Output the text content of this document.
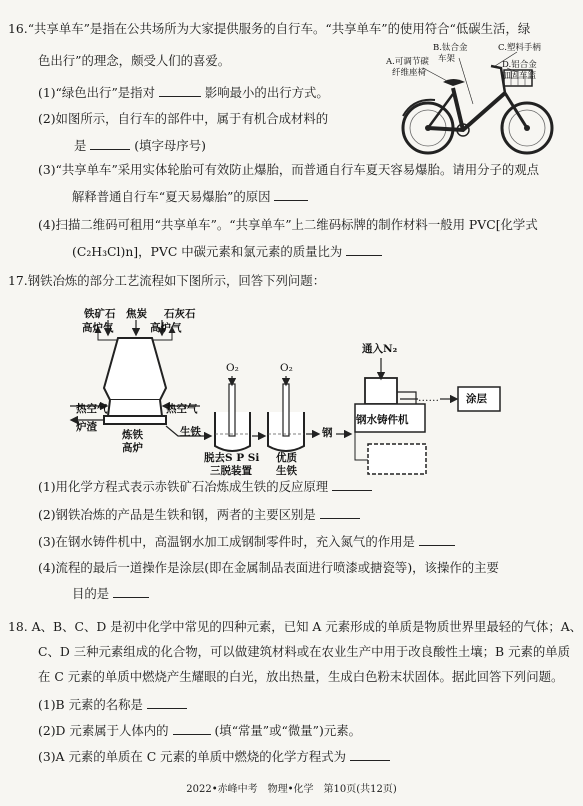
16.“共享单车”是指在公共场所为大家提供服务的自行车。“共享单车”的使用符合“低碳生活，绿
色出行”的理念，颇受人们的喜爱。
(1)“绿色出行”是指对	影响最小的出行方式。
(2)如图所示，自行车的部件中，属于有机合成材料的
是	(填字母序号)
A.可调节碳
纤维座椅
B.钛合金
车架
C.塑料手柄
D.铝合金
加固车篮
(3)“共享单车”采用实体轮胎可有效防止爆胎，而普通自行车夏天容易爆胎。请用分子的观点
解释普通自行车“夏天易爆胎”的原因
(4)扫描二维码可租用“共享单车”。“共享单车”上二维码标牌的制作材料一般用 PVC[化学式
(C₂H₃Cl)n]，PVC 中碳元素和氯元素的质量比为
17.钢铁冶炼的部分工艺流程如下图所示，回答下列问题：
铁矿石 焦炭 石灰石
高炉气	高炉气
热空气	热空气
炉渣
炼铁
高炉
生铁
O₂	O₂
脱去S P Si
三脱装置
优质
生铁
钢
通入N₂
钢水铸件机
……	涂层
(1)用化学方程式表示赤铁矿石冶炼成生铁的反应原理
(2)钢铁冶炼的产品是生铁和钢，两者的主要区别是
(3)在钢水铸件机中，高温钢水加工成钢制零件时，充入氮气的作用是
(4)流程的最后一道操作是涂层(即在金属制品表面进行喷漆或搪瓷等)，该操作的主要
目的是
18. A、B、C、D 是初中化学中常见的四种元素，已知 A 元素形成的单质是物质世界里最轻的气体；A、
C、D 三种元素组成的化合物，可以做建筑材料或在农业生产中用于改良酸性土壤；B 元素的单质
在 C 元素的单质中燃烧产生耀眼的白光，放出热量，生成白色粉末状固体。据此回答下列问题。
(1)B 元素的名称是
(2)D 元素属于人体内的	(填“常量”或“微量”)元素。
(3)A 元素的单质在 C 元素的单质中燃烧的化学方程式为
2022•赤峰中考　物理•化学　第10页(共12页)
